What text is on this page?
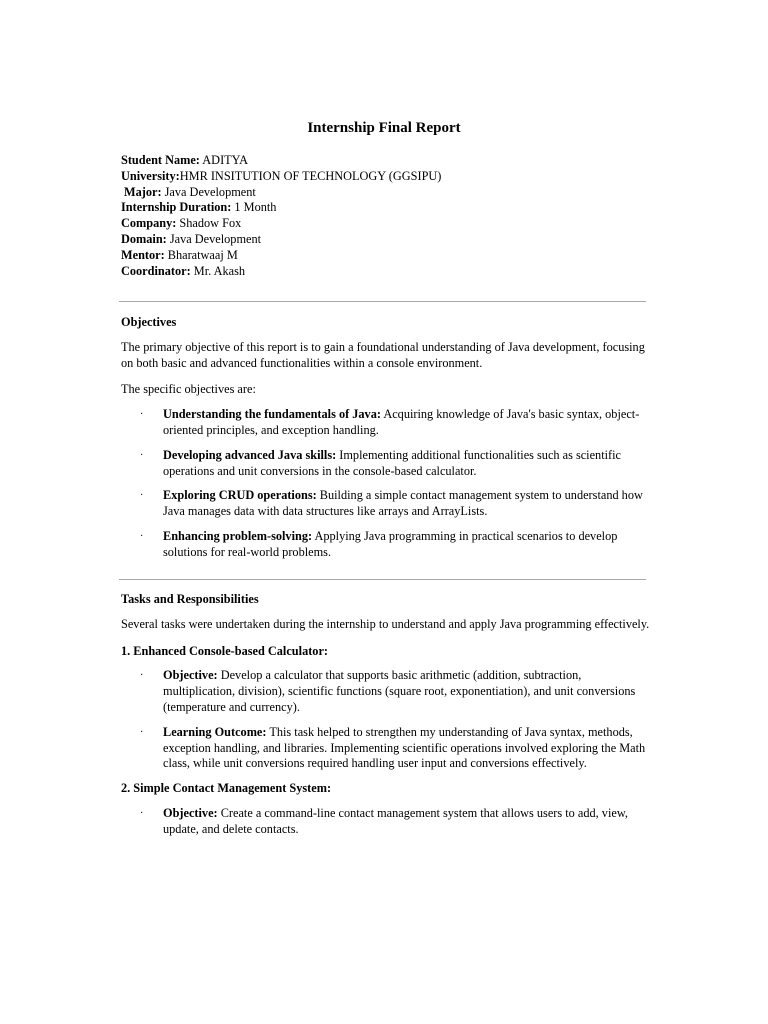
Internship Final Report
Student Name: ADITYA
University:HMR INSITUTION OF TECHNOLOGY (GGSIPU)
Major: Java Development
Internship Duration: 1 Month
Company: Shadow Fox
Domain: Java Development
Mentor: Bharatwaaj M
Coordinator: Mr. Akash
Objectives

The primary objective of this report is to gain a foundational understanding of Java development, focusing on both basic and advanced functionalities within a console environment.

The specific objectives are:

· Understanding the fundamentals of Java: Acquiring knowledge of Java's basic syntax, object-oriented principles, and exception handling.
· Developing advanced Java skills: Implementing additional functionalities such as scientific operations and unit conversions in the console-based calculator.
· Exploring CRUD operations: Building a simple contact management system to understand how Java manages data with data structures like arrays and ArrayLists.
· Enhancing problem-solving: Applying Java programming in practical scenarios to develop solutions for real-world problems.
Tasks and Responsibilities

Several tasks were undertaken during the internship to understand and apply Java programming effectively.

1. Enhanced Console-based Calculator:
· Objective: Develop a calculator that supports basic arithmetic (addition, subtraction, multiplication, division), scientific functions (square root, exponentiation), and unit conversions (temperature and currency).
· Learning Outcome: This task helped to strengthen my understanding of Java syntax, methods, exception handling, and libraries. Implementing scientific operations involved exploring the Math class, while unit conversions required handling user input and conversions effectively.
2. Simple Contact Management System:
· Objective: Create a command-line contact management system that allows users to add, view, update, and delete contacts.
